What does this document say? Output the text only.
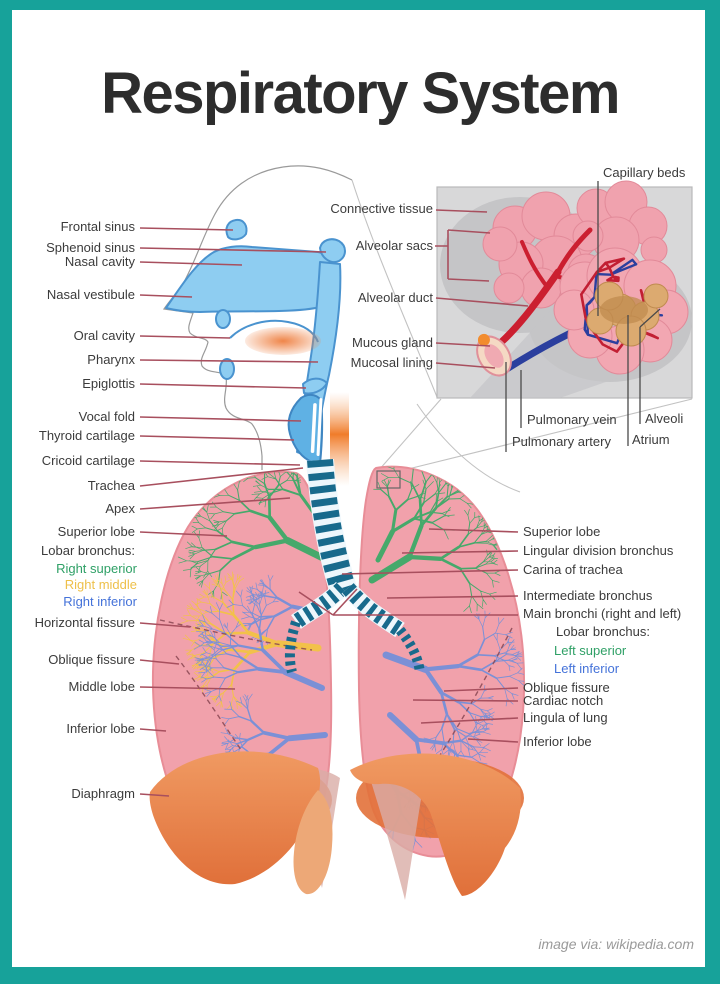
Respiratory System
Frontal sinus
Sphenoid sinus
Nasal cavity
Nasal vestibule
Oral cavity
Pharynx
Epiglottis
Vocal fold
Thyroid cartilage
Cricoid cartilage
Trachea
Apex
Superior lobe
Lobar bronchus:
Right superior
Right middle
Right inferior
Horizontal fissure
Oblique fissure
Middle lobe
Inferior lobe
Diaphragm
Connective tissue
Alveolar sacs
Alveolar duct
Mucous gland
Mucosal lining
Capillary beds
Pulmonary vein
Pulmonary artery
Alveoli
Atrium
Superior lobe
Lingular division bronchus
Carina of trachea
Intermediate bronchus
Main bronchi (right and left)
Lobar bronchus:
Left superior
Left inferior
Oblique fissure
Cardiac notch
Lingula of lung
Inferior lobe
image via: wikipedia.com
